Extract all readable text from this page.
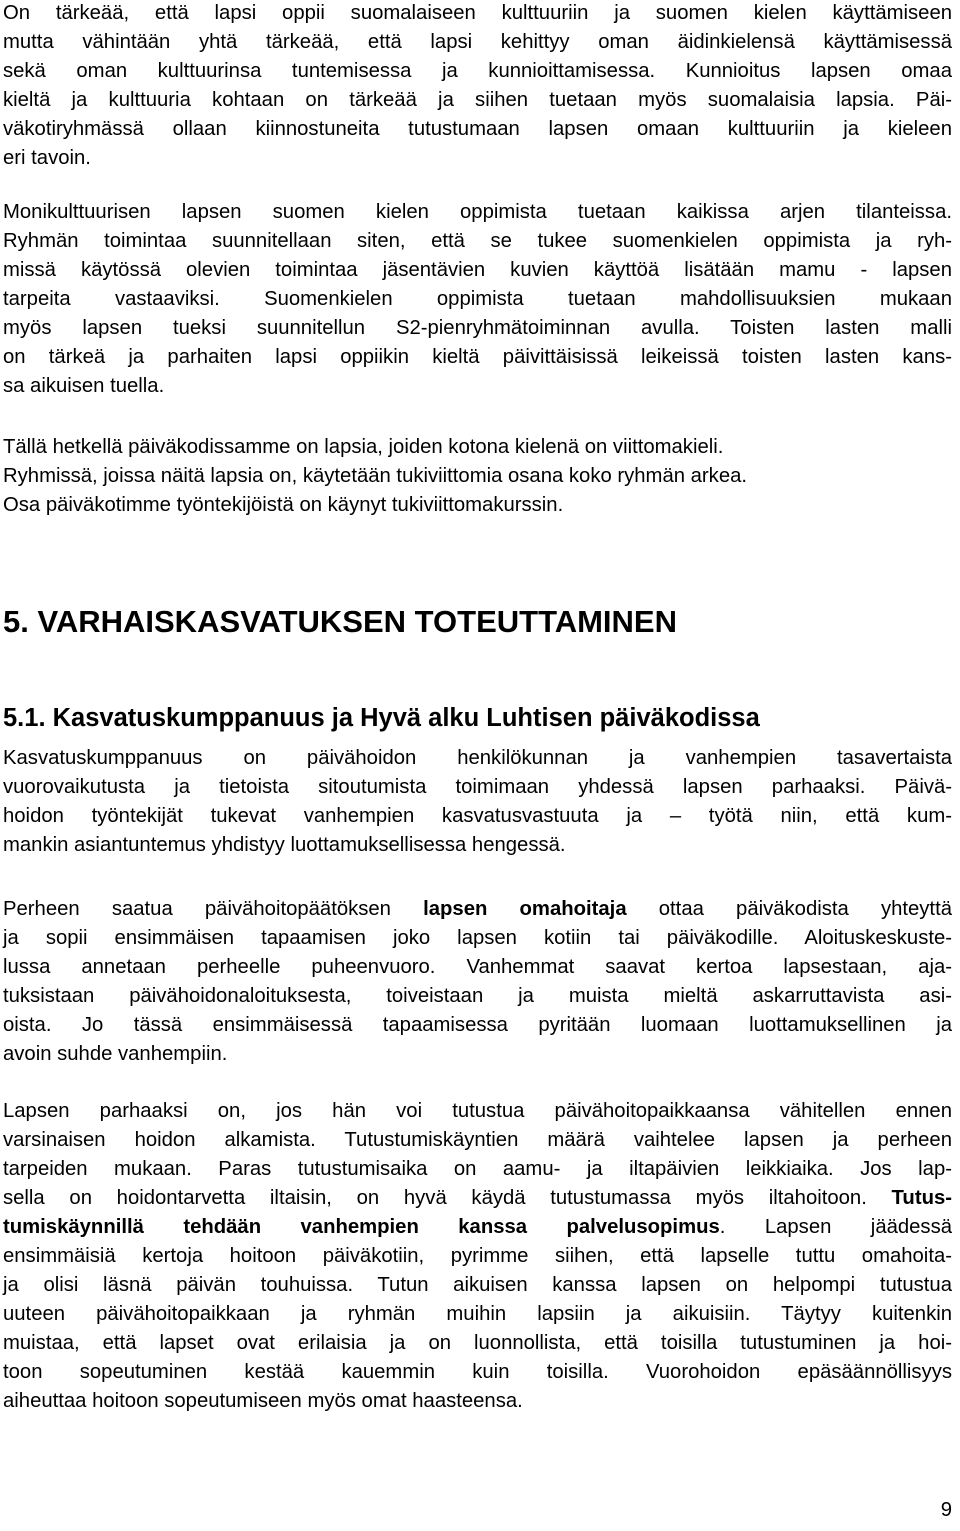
On tärkeää, että lapsi oppii suomalaiseen kulttuuriin ja suomen kielen käyttämiseen
mutta vähintään yhtä tärkeää, että lapsi kehittyy oman äidinkielensä käyttämisessä
sekä oman kulttuurinsa tuntemisessa ja kunnioittamisessa. Kunnioitus lapsen omaa
kieltä ja kulttuuria kohtaan on tärkeää ja siihen tuetaan myös suomalaisia lapsia. Päi-
väkotiryhmässä ollaan kiinnostuneita tutustumaan lapsen omaan kulttuuriin ja kieleen
eri tavoin.

Monikulttuurisen lapsen suomen kielen oppimista tuetaan kaikissa arjen tilanteissa.
Ryhmän toimintaa suunnitellaan siten, että se tukee suomenkielen oppimista ja ryh-
missä käytössä olevien toimintaa jäsentävien kuvien käyttöä lisätään mamu - lapsen
tarpeita vastaaviksi. Suomenkielen oppimista tuetaan mahdollisuuksien mukaan
myös lapsen tueksi suunnitellun S2-pienryhmätoiminnan avulla. Toisten lasten malli
on tärkeä ja parhaiten lapsi oppiikin kieltä päivittäisissä leikeissä toisten lasten kans-
sa aikuisen tuella.

Tällä hetkellä päiväkodissamme on lapsia, joiden kotona kielenä on viittomakieli.
Ryhmissä, joissa näitä lapsia on, käytetään tukiviittomia osana koko ryhmän arkea.
Osa päiväkotimme työntekijöistä on käynyt tukiviittomakurssin.

5. VARHAISKASVATUKSEN TOTEUTTAMINEN
5.1. Kasvatuskumppanuus ja Hyvä alku Luhtisen päiväkodissa

Kasvatuskumppanuus on päivähoidon henkilökunnan ja vanhempien tasavertaista
vuorovaikutusta ja tietoista sitoutumista toimimaan yhdessä lapsen parhaaksi. Päivä-
hoidon työntekijät tukevat vanhempien kasvatusvastuuta ja – työtä niin, että kum-
mankin asiantuntemus yhdistyy luottamuksellisessa hengessä.

Perheen saatua päivähoitopäätöksen lapsen omahoitaja ottaa päiväkodista yhteyttä
ja sopii ensimmäisen tapaamisen joko lapsen kotiin tai päiväkodille. Aloituskeskuste-
lussa annetaan perheelle puheenvuoro. Vanhemmat saavat kertoa lapsestaan, aja-
tuksistaan päivähoidonaloituksesta, toiveistaan ja muista mieltä askarruttavista asi-
oista. Jo tässä ensimmäisessä tapaamisessa pyritään luomaan luottamuksellinen ja
avoin suhde vanhempiin.

Lapsen parhaaksi on, jos hän voi tutustua päivähoitopaikkaansa vähitellen ennen
varsinaisen hoidon alkamista. Tutustumiskäyntien määrä vaihtelee lapsen ja perheen
tarpeiden mukaan. Paras tutustumisaika on aamu- ja iltapäivien leikkiaika. Jos lap-
sella on hoidontarvetta iltaisin, on hyvä käydä tutustumassa myös iltahoitoon. Tutus-
tumiskäynnillä tehdään vanhempien kanssa palvelusopimus. Lapsen jäädessä
ensimmäisiä kertoja hoitoon päiväkotiin, pyrimme siihen, että lapselle tuttu omahoita-
ja olisi läsnä päivän touhuissa. Tutun aikuisen kanssa lapsen on helpompi tutustua
uuteen päivähoitopaikkaan ja ryhmän muihin lapsiin ja aikuisiin. Täytyy kuitenkin
muistaa, että lapset ovat erilaisia ja on luonnollista, että toisilla tutustuminen ja hoi-
toon sopeutuminen kestää kauemmin kuin toisilla. Vuorohoidon epäsäännöllisyys
aiheuttaa hoitoon sopeutumiseen myös omat haasteensa.

9
